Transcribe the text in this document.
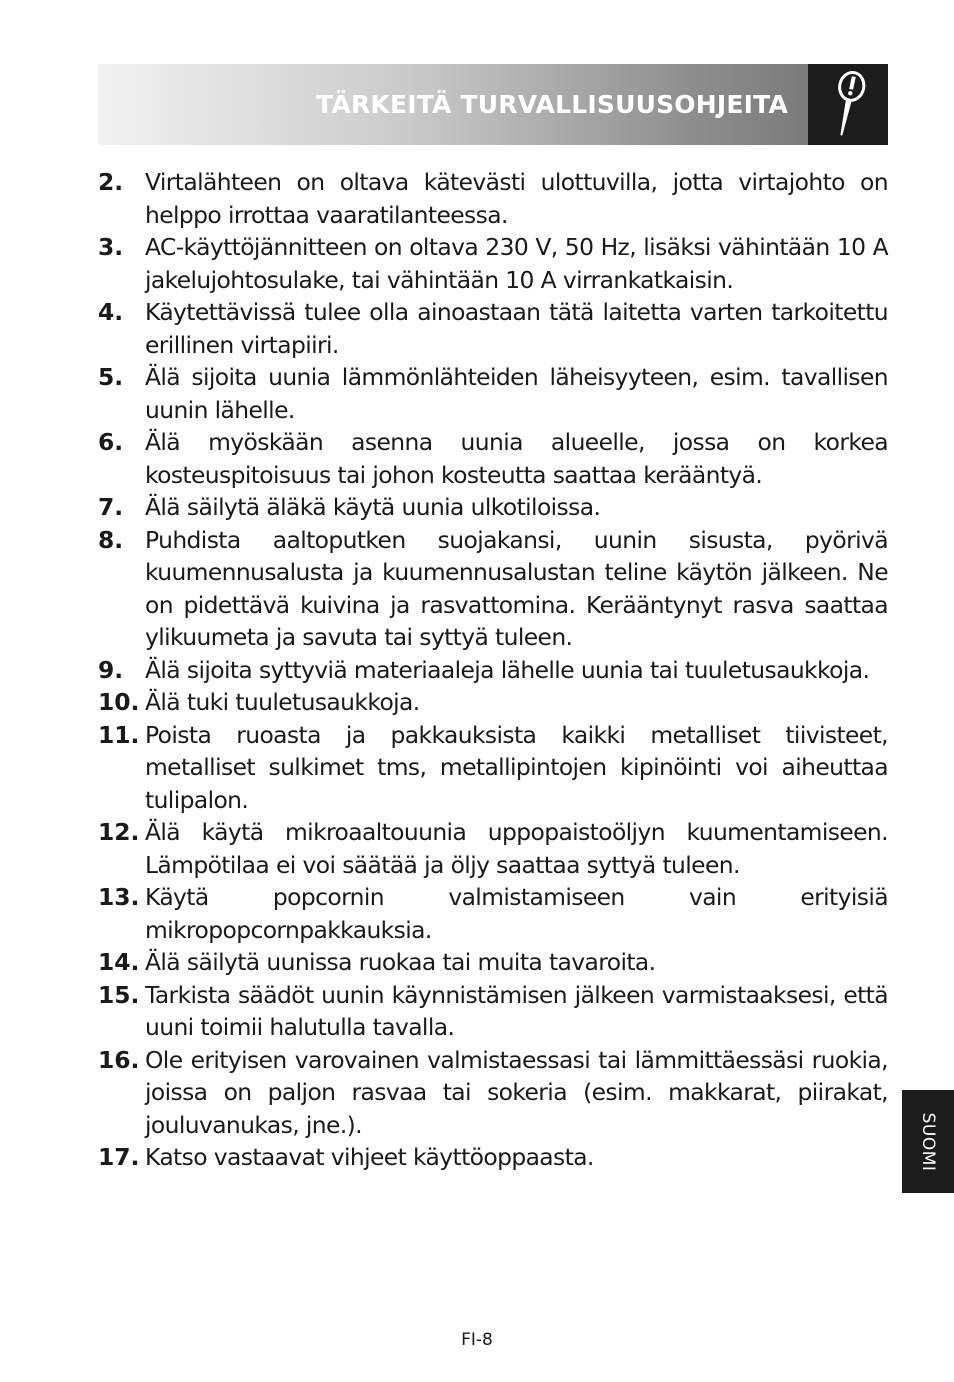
TÄRKEITÄ TURVALLISUUSOHJEITA
2. Virtalähteen on oltava kätevästi ulottuvilla, jotta virtajohto on helppo irrottaa vaaratilanteessa.
3. AC-käyttöjännitteen on oltava 230 V, 50 Hz, lisäksi vähintään 10 A jakelujohtosulake, tai vähintään 10 A virrankatkaisin.
4. Käytettävissä tulee olla ainoastaan tätä laitetta varten tarkoitettu erillinen virtapiiri.
5. Älä sijoita uunia lämmönlähteiden läheisyyteen, esim. tavallisen uunin lähelle.
6. Älä myöskään asenna uunia alueelle, jossa on korkea kosteuspitoisuus tai johon kosteutta saattaa kerääntyä.
7. Älä säilytä äläkä käytä uunia ulkotiloissa.
8. Puhdista aaltoputken suojakansi, uunin sisusta, pyörivä kuumennusalusta ja kuumennusalustan teline käytön jälkeen. Ne on pidettävä kuivina ja rasvattomina. Kerääntynyt rasva saattaa ylikuumeta ja savuta tai syttyä tuleen.
9. Älä sijoita syttyviä materiaaleja lähelle uunia tai tuuletusaukkoja.
10. Älä tuki tuuletusaukkoja.
11. Poista ruoasta ja pakkauksista kaikki metalliset tiivisteet, metalliset sulkimet tms, metallipintojen kipinöinti voi aiheuttaa tulipalon.
12. Älä käytä mikroaaltouunia uppopaistoöljyn kuumentamiseen. Lämpötilaa ei voi säätää ja öljy saattaa syttyä tuleen.
13. Käytä popcornin valmistamiseen vain erityisiä mikropopcornpakkauksia.
14. Älä säilytä uunissa ruokaa tai muita tavaroita.
15. Tarkista säädöt uunin käynnistämisen jälkeen varmistaaksesi, että uuni toimii halutulla tavalla.
16. Ole erityisen varovainen valmistaessasi tai lämmittäessäsi ruokia, joissa on paljon rasvaa tai sokeria (esim. makkarat, piirakat, jouluvanukas, jne.).
17. Katso vastaavat vihjeet käyttöoppaasta.	SUOMI
FI-8
